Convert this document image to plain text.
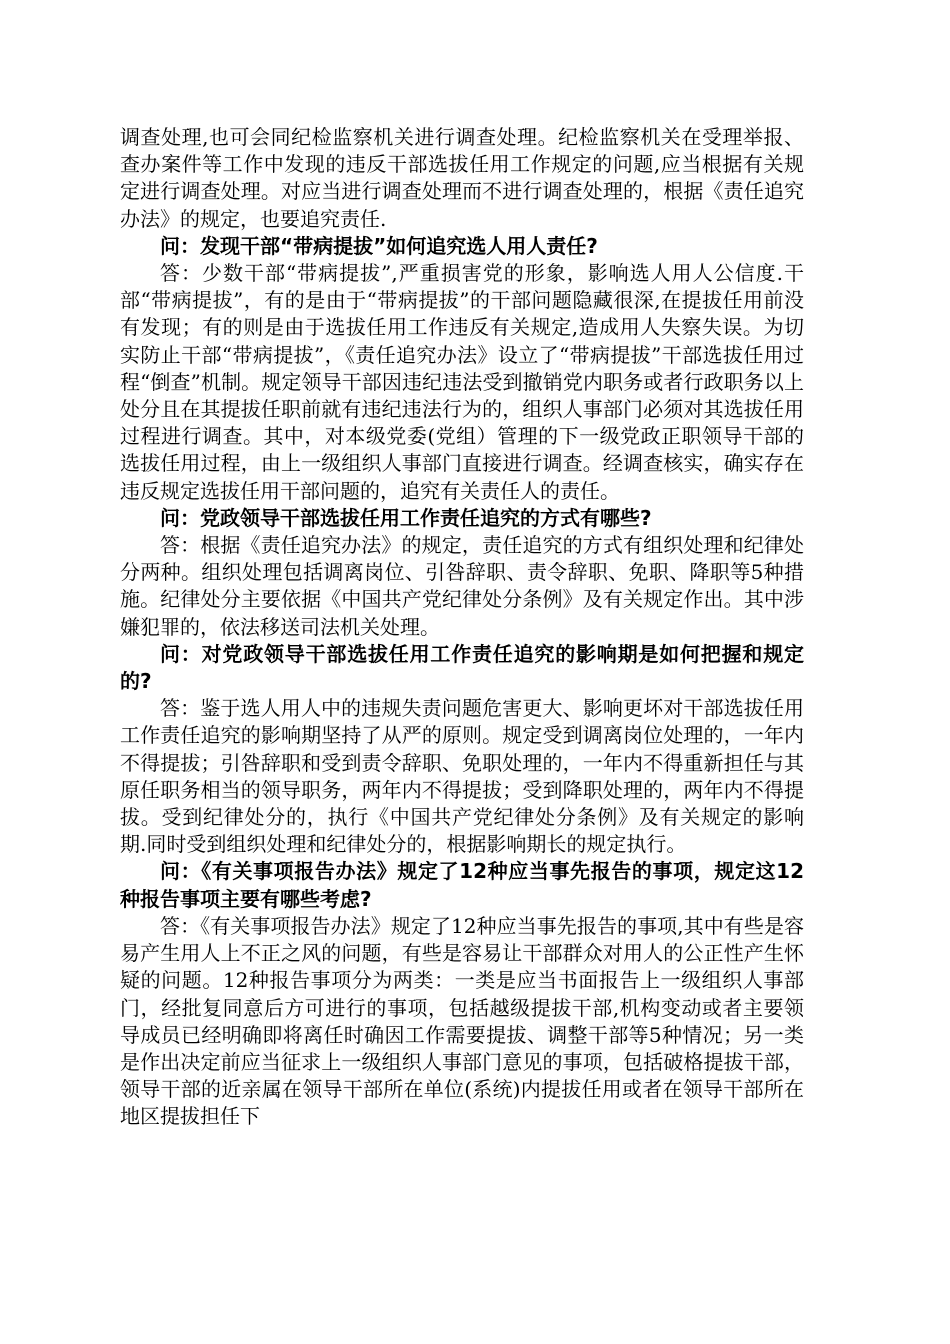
调查处理,也可会同纪检监察机关进行调查处理。纪检监察机关在受理举报、查办案件等工作中发现的违反干部选拔任用工作规定的问题,应当根据有关规定进行调查处理。对应当进行调查处理而不进行调查处理的，根据《责任追究办法》的规定，也要追究责任.

问：发现干部“带病提拔”如何追究选人用人责任?

答：少数干部“带病提拔”,严重损害党的形象，影响选人用人公信度.干部“带病提拔”，有的是由于“带病提拔”的干部问题隐藏很深,在提拔任用前没有发现；有的则是由于选拔任用工作违反有关规定,造成用人失察失误。为切实防止干部“带病提拔”，《责任追究办法》设立了“带病提拔”干部选拔任用过程“倒查”机制。规定领导干部因违纪违法受到撤销党内职务或者行政职务以上处分且在其提拔任职前就有违纪违法行为的，组织人事部门必须对其选拔任用过程进行调查。其中，对本级党委(党组）管理的下一级党政正职领导干部的选拔任用过程，由上一级组织人事部门直接进行调查。经调查核实，确实存在违反规定选拔任用干部问题的，追究有关责任人的责任。

问：党政领导干部选拔任用工作责任追究的方式有哪些?

答：根据《责任追究办法》的规定，责任追究的方式有组织处理和纪律处分两种。组织处理包括调离岗位、引咎辞职、责令辞职、免职、降职等5种措施。纪律处分主要依据《中国共产党纪律处分条例》及有关规定作出。其中涉嫌犯罪的，依法移送司法机关处理。

问：对党政领导干部选拔任用工作责任追究的影响期是如何把握和规定的?

答：鉴于选人用人中的违规失责问题危害更大、影响更坏对干部选拔任用工作责任追究的影响期坚持了从严的原则。规定受到调离岗位处理的，一年内不得提拔；引咎辞职和受到责令辞职、免职处理的，一年内不得重新担任与其原任职务相当的领导职务，两年内不得提拔；受到降职处理的，两年内不得提拔。受到纪律处分的，执行《中国共产党纪律处分条例》及有关规定的影响期.同时受到组织处理和纪律处分的，根据影响期长的规定执行。

问：《有关事项报告办法》规定了12种应当事先报告的事项，规定这12种报告事项主要有哪些考虑?

答：《有关事项报告办法》规定了12种应当事先报告的事项,其中有些是容易产生用人上不正之风的问题，有些是容易让干部群众对用人的公正性产生怀疑的问题。12种报告事项分为两类：一类是应当书面报告上一级组织人事部门，经批复同意后方可进行的事项，包括越级提拔干部,机构变动或者主要领导成员已经明确即将离任时确因工作需要提拔、调整干部等5种情况；另一类是作出决定前应当征求上一级组织人事部门意见的事项，包括破格提拔干部，领导干部的近亲属在领导干部所在单位(系统)内提拔任用或者在领导干部所在地区提拔担任下
